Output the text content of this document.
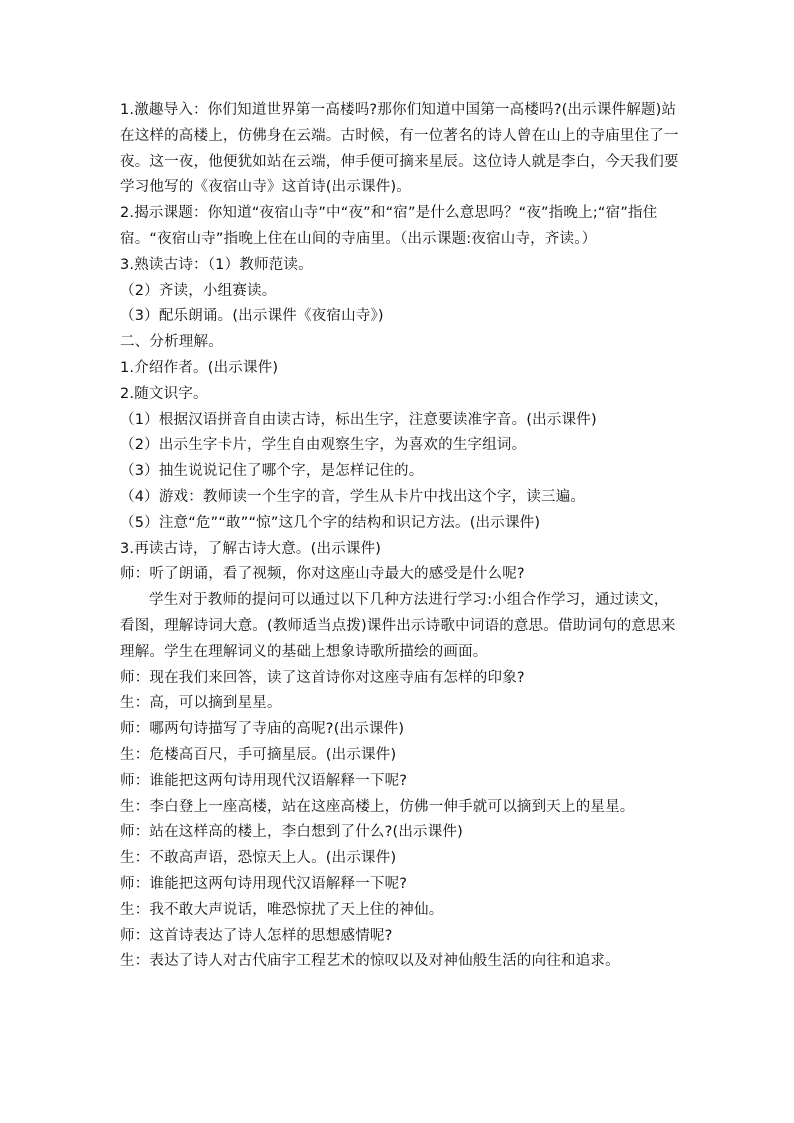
1.激趣导入：你们知道世界第一高楼吗?那你们知道中国第一高楼吗?(出示课件解题)站在这样的高楼上，仿佛身在云端。古时候，有一位著名的诗人曾在山上的寺庙里住了一夜。这一夜，他便犹如站在云端，伸手便可摘来星辰。这位诗人就是李白，今天我们要学习他写的《夜宿山寺》这首诗(出示课件)。

2.揭示课题：你知道“夜宿山寺”中“夜”和“宿”是什么意思吗？“夜”指晚上;“宿”指住宿。“夜宿山寺”指晚上住在山间的寺庙里。（出示课题:夜宿山寺，齐读。）

3.熟读古诗：（1）教师范读。

（2）齐读，小组赛读。

（3）配乐朗诵。(出示课件《夜宿山寺》)

二、分析理解。

1.介绍作者。(出示课件)

2.随文识字。

（1）根据汉语拼音自由读古诗，标出生字，注意要读准字音。(出示课件)

（2）出示生字卡片，学生自由观察生字，为喜欢的生字组词。

（3）抽生说说记住了哪个字，是怎样记住的。

（4）游戏：教师读一个生字的音，学生从卡片中找出这个字，读三遍。

（5）注意“危”“敢”“惊”这几个字的结构和识记方法。(出示课件)

3.再读古诗，了解古诗大意。(出示课件)

师：听了朗诵，看了视频，你对这座山寺最大的感受是什么呢?

学生对于教师的提问可以通过以下几种方法进行学习:小组合作学习，通过读文，看图，理解诗词大意。(教师适当点拨)课件出示诗歌中词语的意思。借助词句的意思来理解。学生在理解词义的基础上想象诗歌所描绘的画面。

师：现在我们来回答，读了这首诗你对这座寺庙有怎样的印象?

生：高，可以摘到星星。

师：哪两句诗描写了寺庙的高呢?(出示课件)

生：危楼高百尺，手可摘星辰。(出示课件)

师：谁能把这两句诗用现代汉语解释一下呢?

生：李白登上一座高楼，站在这座高楼上，仿佛一伸手就可以摘到天上的星星。

师：站在这样高的楼上，李白想到了什么?(出示课件)

生：不敢高声语，恐惊天上人。(出示课件)

师：谁能把这两句诗用现代汉语解释一下呢?

生：我不敢大声说话，唯恐惊扰了天上住的神仙。

师：这首诗表达了诗人怎样的思想感情呢?

生：表达了诗人对古代庙宇工程艺术的惊叹以及对神仙般生活的向往和追求。
